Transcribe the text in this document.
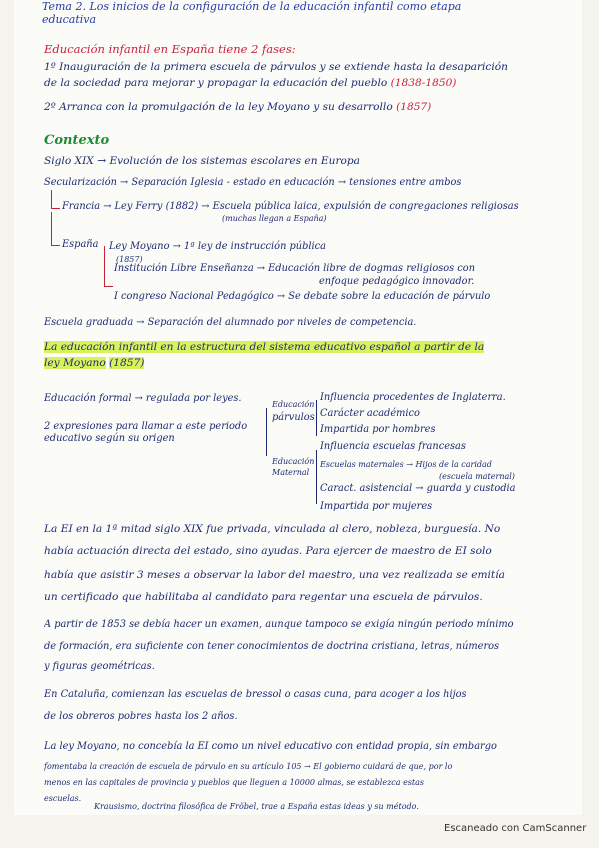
Tema 2. Los inicios de la configuración de la educación infantil como etapa
educativa
Educación infantil en España tiene 2 fases:
1º Inauguración de la primera escuela de párvulos y se extiende hasta la desaparición
de la sociedad para mejorar y propagar la educación del pueblo (1838-1850)
2º Arranca con la promulgación de la ley Moyano y su desarrollo (1857)
Contexto
Siglo XIX → Evolución de los sistemas escolares en Europa
Secularización → Separación Iglesia - estado en educación → tensiones entre ambos
Francia → Ley Ferry (1882) → Escuela pública laica, expulsión de congregaciones religiosas
(muchas llegan a España)
España Ley Moyano → 1ª ley de instrucción pública
(1857)
Institución Libre Enseñanza → Educación libre de dogmas religiosos con
enfoque pedagógico innovador.
I congreso Nacional Pedagógico → Se debate sobre la educación de párvulo
Escuela graduada → Separación del alumnado por niveles de competencia.
La educación infantil en la estructura del sistema educativo español a partir de la
ley Moyano (1857)
Educación formal → regulada por leyes.
2 expresiones para llamar a este periodo
educativo según su origen
Educación
párvulos
Influencia procedentes de Inglaterra.
Carácter académico
Impartida por hombres
Educación
Maternal
Influencia escuelas francesas
Escuelas maternales → Hijos de la caridad
(escuela maternal)
Caract. asistencial → guarda y custodia
Impartida por mujeres
La EI en la 1ª mitad siglo XIX fue privada, vinculada al clero, nobleza, burguesía. No
había actuación directa del estado, sino ayudas. Para ejercer de maestro de EI solo
había que asistir 3 meses a observar la labor del maestro, una vez realizada se emitía
un certificado que habilitaba al candidato para regentar una escuela de párvulos.
A partir de 1853 se debía hacer un examen, aunque tampoco se exigía ningún periodo mínimo
de formación, era suficiente con tener conocimientos de doctrina cristiana, letras, números
y figuras geométricas.
En Cataluña, comienzan las escuelas de bressol o casas cuna, para acoger a los hijos
de los obreros pobres hasta los 2 años.
La ley Moyano, no concebía la EI como un nivel educativo con entidad propia, sin embargo
fomentaba la creación de escuela de párvulo en su artículo 105 → El gobierno cuidará de que, por lo
menos en las capitales de provincia y pueblos que lleguen a 10000 almas, se establezca estas
escuelas.
Krausismo, doctrina filosófica de Fröbel, trae a España estas ideas y su método.
Escaneado con CamScanner
